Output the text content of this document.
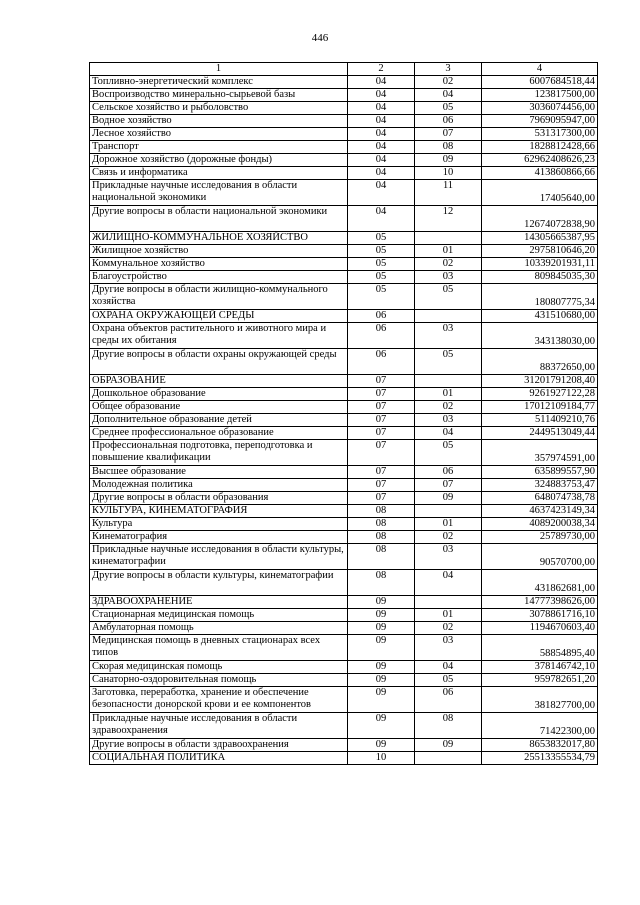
446
1	2	3	4
Топливно-энергетический комплекс	04	02	6007684518,44
Воспроизводство минерально-сырьевой базы	04	04	123817500,00
Сельское хозяйство и рыболовство	04	05	3036074456,00
Водное хозяйство	04	06	7969095947,00
Лесное хозяйство	04	07	531317300,00
Транспорт	04	08	1828812428,66
Дорожное хозяйство (дорожные фонды)	04	09	62962408626,23
Связь и информатика	04	10	413860866,66
Прикладные научные исследования в области национальной экономики	04	11	17405640,00
Другие вопросы в области национальной экономики	04	12	12674072838,90
ЖИЛИЩНО-КОММУНАЛЬНОЕ ХОЗЯЙСТВО	05		14305665387,95
Жилищное хозяйство	05	01	2975810646,20
Коммунальное хозяйство	05	02	10339201931,11
Благоустройство	05	03	809845035,30
Другие вопросы в области жилищно-коммунального хозяйства	05	05	180807775,34
ОХРАНА ОКРУЖАЮЩЕЙ СРЕДЫ	06		431510680,00
Охрана объектов растительного и животного мира и среды их обитания	06	03	343138030,00
Другие вопросы в области охраны окружающей среды	06	05	88372650,00
ОБРАЗОВАНИЕ	07		31201791208,40
Дошкольное образование	07	01	9261927122,28
Общее образование	07	02	17012109184,77
Дополнительное образование детей	07	03	511409210,76
Среднее профессиональное образование	07	04	2449513049,44
Профессиональная подготовка, переподготовка и повышение квалификации	07	05	357974591,00
Высшее образование	07	06	635899557,90
Молодежная политика	07	07	324883753,47
Другие вопросы в области образования	07	09	648074738,78
КУЛЬТУРА, КИНЕМАТОГРАФИЯ	08		4637423149,34
Культура	08	01	4089200038,34
Кинематография	08	02	25789730,00
Прикладные научные исследования в области культуры, кинематографии	08	03	90570700,00
Другие вопросы в области культуры, кинематографии	08	04	431862681,00
ЗДРАВООХРАНЕНИЕ	09		14777398626,00
Стационарная медицинская помощь	09	01	3078861716,10
Амбулаторная помощь	09	02	1194670603,40
Медицинская помощь в дневных стационарах всех типов	09	03	58854895,40
Скорая медицинская помощь	09	04	378146742,10
Санаторно-оздоровительная помощь	09	05	959782651,20
Заготовка, переработка, хранение и обеспечение безопасности донорской крови и ее компонентов	09	06	381827700,00
Прикладные научные исследования в области здравоохранения	09	08	71422300,00
Другие вопросы в области здравоохранения	09	09	8653832017,80
СОЦИАЛЬНАЯ ПОЛИТИКА	10		25513355534,79
